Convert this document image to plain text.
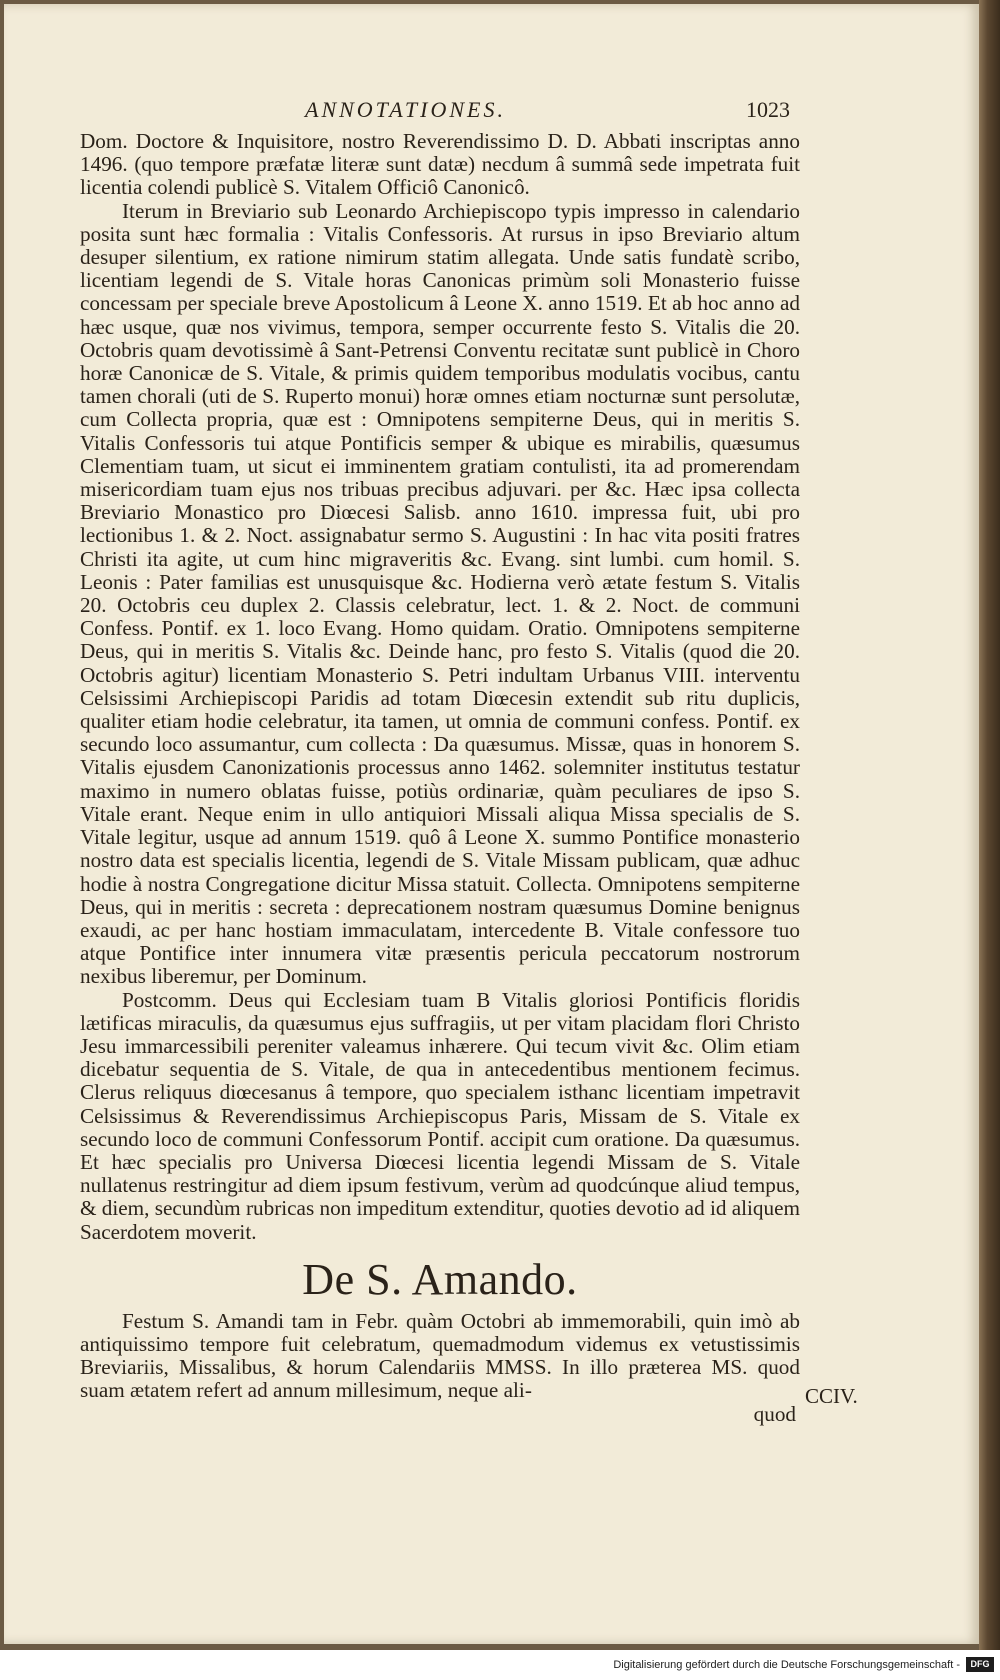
ANNOTATIONES.	1023

Dom. Doctore & Inquisitore, nostro Reverendissimo D. D. Abbati inscriptas anno 1496. (quo tempore præfatæ literæ sunt datæ) necdum â summâ sede impetrata fuit licentia colendi publicè S. Vitalem Officiô Canonicô.

Iterum in Breviario sub Leonardo Archiepiscopo typis impresso in calendario posita sunt hæc formalia : Vitalis Confessoris. At rursus in ipso Breviario altum desuper silentium, ex ratione nimirum statim allegata. Unde satis fundatè scribo, licentiam legendi de S. Vitale horas Canonicas primùm soli Monasterio fuisse concessam per speciale breve Apostolicum â Leone X. anno 1519. Et ab hoc anno ad hæc usque, quæ nos vivimus, tempora, semper occurrente festo S. Vitalis die 20. Octobris quam devotissimè â Sant-Petrensi Conventu recitatæ sunt publicè in Choro horæ Canonicæ de S. Vitale, & primis quidem temporibus modulatis vocibus, cantu tamen chorali (uti de S. Ruperto monui) horæ omnes etiam nocturnæ sunt persolutæ, cum Collecta propria, quæ est : Omnipotens sempiterne Deus, qui in meritis S. Vitalis Confessoris tui atque Pontificis semper & ubique es mirabilis, quæsumus Clementiam tuam, ut sicut ei imminentem gratiam contulisti, ita ad promerendam misericordiam tuam ejus nos tribuas precibus adjuvari. per &c. Hæc ipsa collecta Breviario Monastico pro Diœcesi Salisb. anno 1610. impressa fuit, ubi pro lectionibus 1. & 2. Noct. assignabatur sermo S. Augustini : In hac vita positi fratres Christi ita agite, ut cum hinc migraveritis &c. Evang. sint lumbi. cum homil. S. Leonis : Pater familias est unusquisque &c. Hodierna verò ætate festum S. Vitalis 20. Octobris ceu duplex 2. Classis celebratur, lect. 1. & 2. Noct. de communi Confess. Pontif. ex 1. loco Evang. Homo quidam. Oratio. Omnipotens sempiterne Deus, qui in meritis S. Vitalis &c. Deinde hanc, pro festo S. Vitalis (quod die 20. Octobris agitur) licentiam Monasterio S. Petri indultam Urbanus VIII. interventu Celsissimi Archiepiscopi Paridis ad totam Diœcesin extendit sub ritu duplicis, qualiter etiam hodie celebratur, ita tamen, ut omnia de communi confess. Pontif. ex secundo loco assumantur, cum collecta : Da quæsumus. Missæ, quas in honorem S. Vitalis ejusdem Canonizationis processus anno 1462. solemniter institutus testatur maximo in numero oblatas fuisse, potiùs ordinariæ, quàm peculiares de ipso S. Vitale erant. Neque enim in ullo antiquiori Missali aliqua Missa specialis de S. Vitale legitur, usque ad annum 1519. quô â Leone X. summo Pontifice monasterio nostro data est specialis licentia, legendi de S. Vitale Missam publicam, quæ adhuc hodie à nostra Congregatione dicitur Missa statuit. Collecta. Omnipotens sempiterne Deus, qui in meritis : secreta : deprecationem nostram quæsumus Domine benignus exaudi, ac per hanc hostiam immaculatam, intercedente B. Vitale confessore tuo atque Pontifice inter innumera vitæ præsentis pericula peccatorum nostrorum nexibus liberemur, per Dominum.

Postcomm. Deus qui Ecclesiam tuam B Vitalis gloriosi Pontificis floridis lætificas miraculis, da quæsumus ejus suffragiis, ut per vitam placidam flori Christo Jesu immarcessibili pereniter valeamus inhærere. Qui tecum vivit &c. Olim etiam dicebatur sequentia de S. Vitale, de qua in antecedentibus mentionem fecimus. Clerus reliquus diœcesanus â tempore, quo specialem isthanc licentiam impetravit Celsissimus & Reverendissimus Archiepiscopus Paris, Missam de S. Vitale ex secundo loco de communi Confessorum Pontif. accipit cum oratione. Da quæsumus. Et hæc specialis pro Universa Diœcesi licentia legendi Missam de S. Vitale nullatenus restringitur ad diem ipsum festivum, verùm ad quodcúnque aliud tempus, & diem, secundùm rubricas non impeditum extenditur, quoties devotio ad id aliquem Sacerdotem moverit.

De S. Amando.

Festum S. Amandi tam in Febr. quàm Octobri ab immemorabili, quin imò ab antiquissimo tempore fuit celebratum, quemadmodum videmus ex vetustissimis Breviariis, Missalibus, & horum Calendariis MMSS. In illo præterea MS. quod suam ætatem refert ad annum millesimum, neque ali-

quod

CCIV.
Digitalisierung gefördert durch die Deutsche Forschungsgemeinschaft -	DFG
